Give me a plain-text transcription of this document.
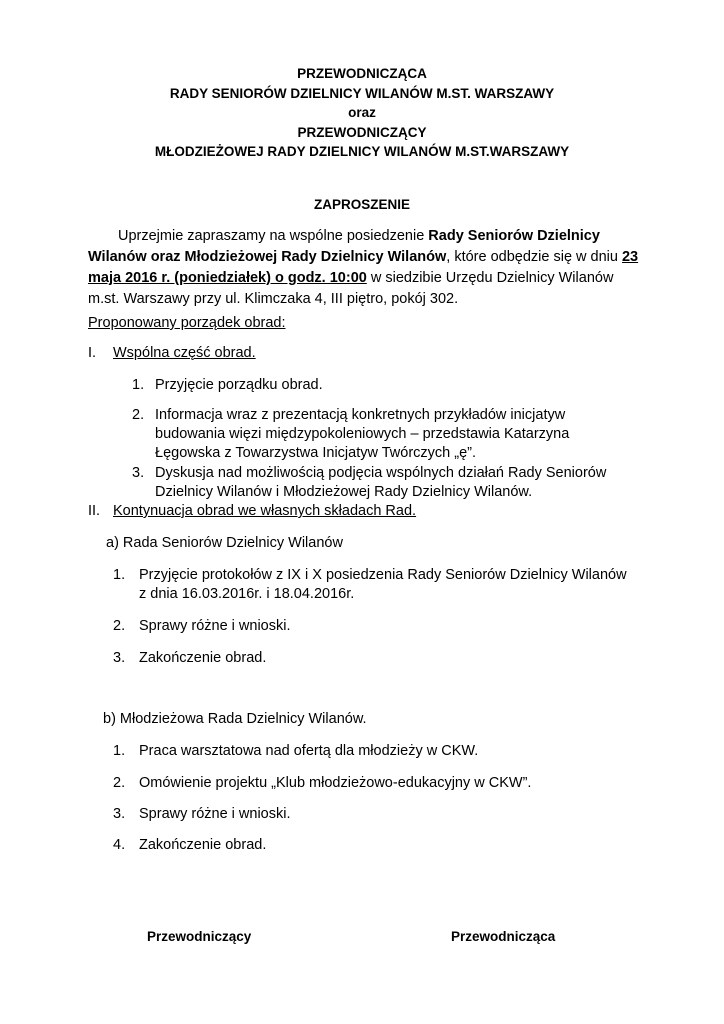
PRZEWODNICZĄCA
RADY SENIORÓW DZIELNICY WILANÓW M.ST. WARSZAWY
oraz
PRZEWODNICZĄCY
MŁODZIEŻOWEJ RADY DZIELNICY WILANÓW M.ST.WARSZAWY
ZAPROSZENIE
Uprzejmie zapraszamy na wspólne posiedzenie Rady Seniorów Dzielnicy Wilanów oraz Młodzieżowej Rady Dzielnicy Wilanów, które odbędzie się w dniu 23 maja 2016 r. (poniedziałek) o godz. 10:00 w siedzibie Urzędu Dzielnicy Wilanów m.st. Warszawy przy ul. Klimczaka 4, III piętro, pokój 302.
Proponowany porządek obrad:
I. Wspólna część obrad.
1. Przyjęcie porządku obrad.
2. Informacja wraz z prezentacją konkretnych przykładów inicjatyw
budowania więzi międzypokoleniowych – przedstawia Katarzyna
Łęgowska z Towarzystwa Inicjatyw Twórczych „ę”.
3. Dyskusja nad możliwością podjęcia wspólnych działań Rady Seniorów
Dzielnicy Wilanów i Młodzieżowej Rady Dzielnicy Wilanów.
II. Kontynuacja obrad we własnych składach Rad.
a) Rada Seniorów Dzielnicy Wilanów
1. Przyjęcie protokołów z IX i X posiedzenia Rady Seniorów Dzielnicy Wilanów
z dnia 16.03.2016r. i 18.04.2016r.
2. Sprawy różne i wnioski.
3. Zakończenie obrad.
b) Młodzieżowa Rada Dzielnicy Wilanów.
1. Praca warsztatowa nad ofertą dla młodzieży w CKW.
2. Omówienie projektu „Klub młodzieżowo-edukacyjny w CKW”.
3. Sprawy różne i wnioski.
4. Zakończenie obrad.
Przewodniczący	Przewodnicząca
